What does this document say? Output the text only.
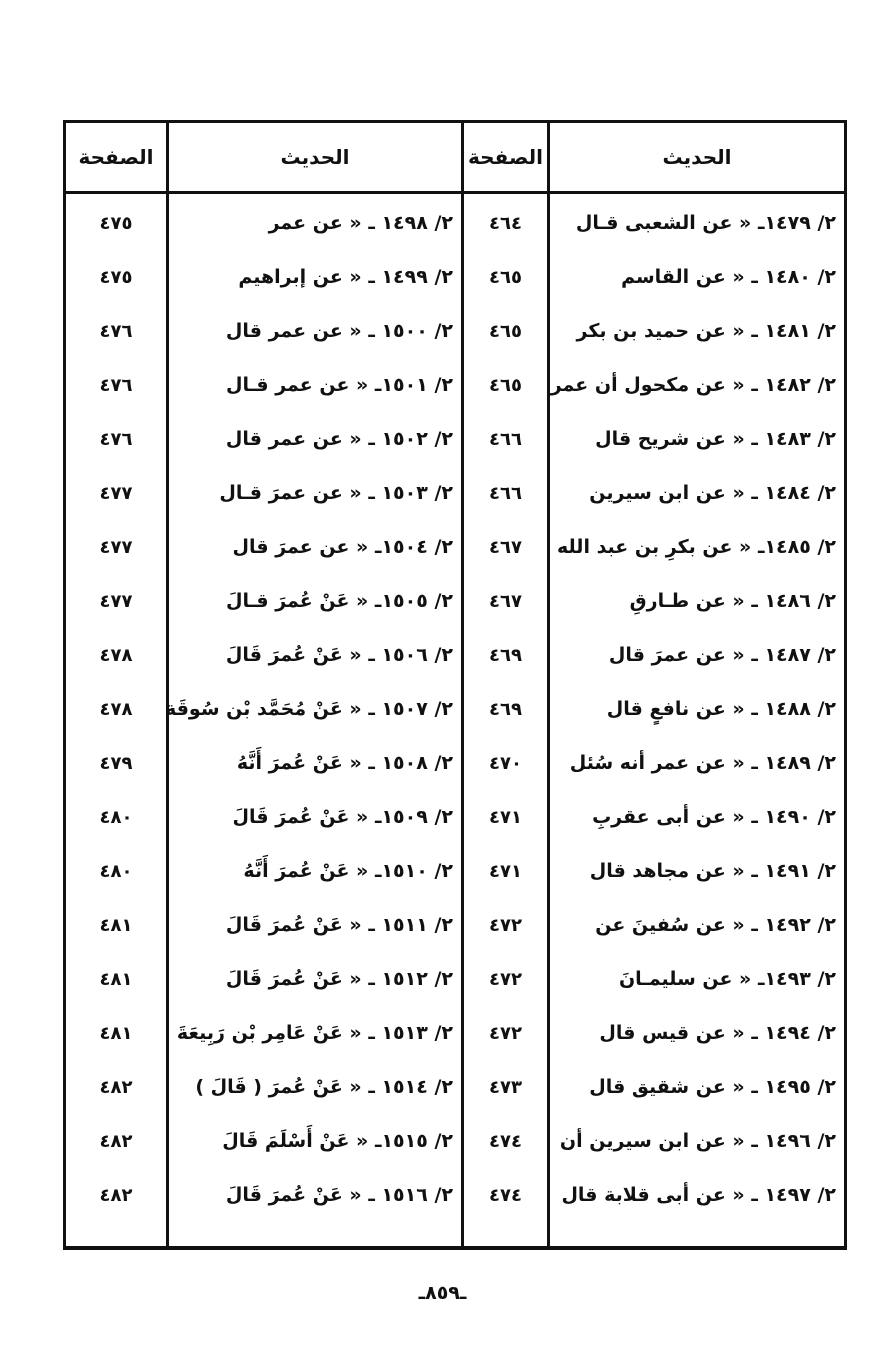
الحديث
الصفحة
الحديث
الصفحة
٢/ ١٤٧٩ـ « عن الشعبى قـال
٤٦٤
٢/ ١٤٩٨ ـ « عن عمر
٤٧٥
٢/ ١٤٨٠ ـ « عن القاسم
٤٦٥
٢/ ١٤٩٩ ـ « عن إبراهيم
٤٧٥
٢/ ١٤٨١ ـ « عن حميد بن بكر
٤٦٥
٢/ ١٥٠٠ ـ « عن عمر قال
٤٧٦
٢/ ١٤٨٢ ـ « عن مكحول أن عمر
٤٦٥
٢/ ١٥٠١ـ « عن عمر قـال
٤٧٦
٢/ ١٤٨٣ ـ « عن شريح قال
٤٦٦
٢/ ١٥٠٢ ـ « عن عمر قال
٤٧٦
٢/ ١٤٨٤ ـ « عن ابن سيرين
٤٦٦
٢/ ١٥٠٣ ـ « عن عمرَ قـال
٤٧٧
٢/ ١٤٨٥ـ « عن بكرِ بن عبد الله
٤٦٧
٢/ ١٥٠٤ـ « عن عمرَ قال
٤٧٧
٢/ ١٤٨٦ ـ « عن طـارقِ
٤٦٧
٢/ ١٥٠٥ـ « عَنْ عُمرَ قـالَ
٤٧٧
٢/ ١٤٨٧ ـ « عن عمرَ قال
٤٦٩
٢/ ١٥٠٦ ـ « عَنْ عُمرَ قَالَ
٤٧٨
٢/ ١٤٨٨ ـ « عن نافعٍ قال
٤٦٩
٢/ ١٥٠٧ ـ « عَنْ مُحَمَّد بْن سُوقَة
٤٧٨
٢/ ١٤٨٩ ـ « عن عمر أنه سُئل
٤٧٠
٢/ ١٥٠٨ ـ « عَنْ عُمرَ أَنَّهُ
٤٧٩
٢/ ١٤٩٠ ـ « عن أبى عقربِ
٤٧١
٢/ ١٥٠٩ـ « عَنْ عُمرَ قَالَ
٤٨٠
٢/ ١٤٩١ ـ « عن مجاهد قال
٤٧١
٢/ ١٥١٠ـ « عَنْ عُمرَ أَنَّهُ
٤٨٠
٢/ ١٤٩٢ ـ « عن سُفينَ عن
٤٧٢
٢/ ١٥١١ ـ « عَنْ عُمرَ قَالَ
٤٨١
٢/ ١٤٩٣ـ « عن سليمـانَ
٤٧٢
٢/ ١٥١٢ ـ « عَنْ عُمرَ قَالَ
٤٨١
٢/ ١٤٩٤ ـ « عن قيس قال
٤٧٢
٢/ ١٥١٣ ـ « عَنْ عَامِر بْن رَبِيعَةَ
٤٨١
٢/ ١٤٩٥ ـ « عن شقيق قال
٤٧٣
٢/ ١٥١٤ ـ « عَنْ عُمرَ ( قَالَ )
٤٨٢
٢/ ١٤٩٦ ـ « عن ابن سيرين أن
٤٧٤
٢/ ١٥١٥ـ « عَنْ أَسْلَمَ قَالَ
٤٨٢
٢/ ١٤٩٧ ـ « عن أبى قلابة قال
٤٧٤
٢/ ١٥١٦ ـ « عَنْ عُمرَ قَالَ
٤٨٢
ـ٨٥٩ـ
